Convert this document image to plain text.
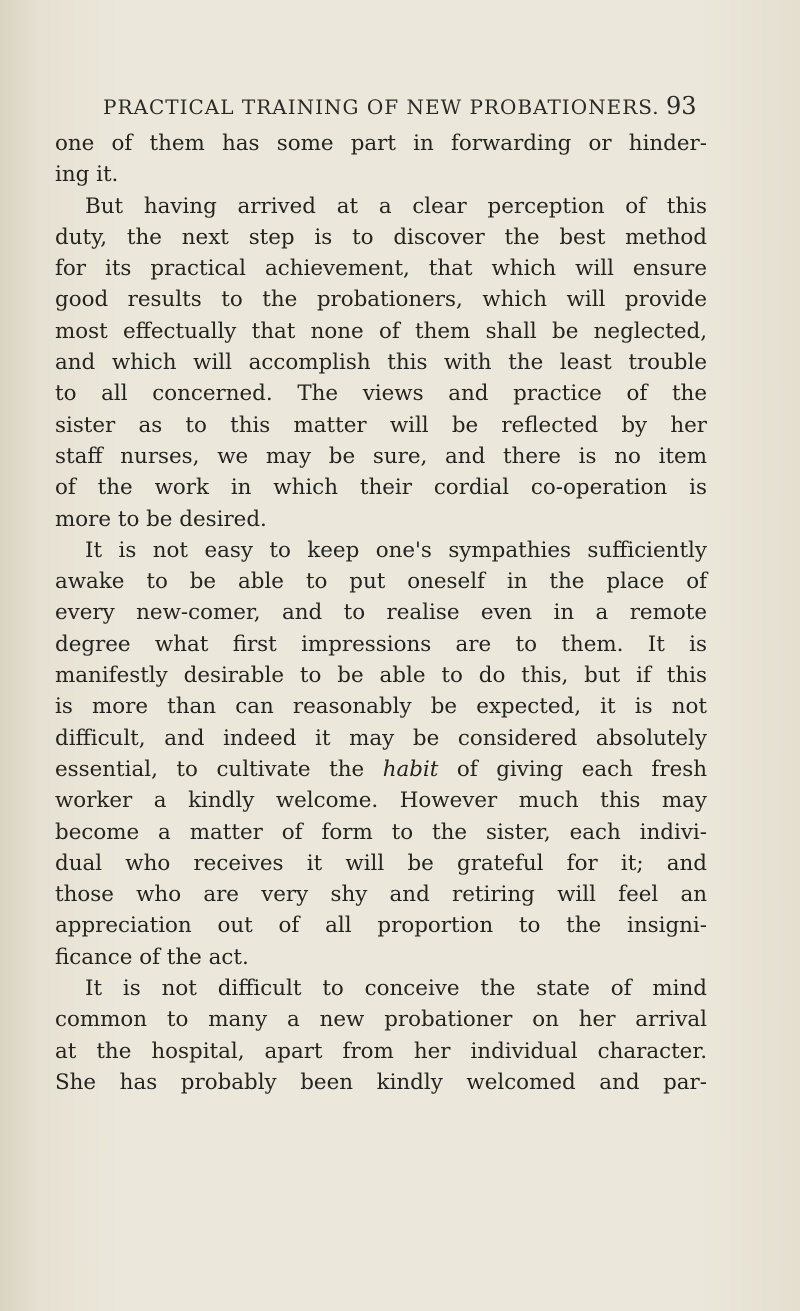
PRACTICAL TRAINING OF NEW PROBATIONERS. 93
one of them has some part in forwarding or hinder-
ing it.
But having arrived at a clear perception of this
duty, the next step is to discover the best method
for its practical achievement, that which will ensure
good results to the probationers, which will provide
most effectually that none of them shall be neglected,
and which will accomplish this with the least trouble
to all concerned. The views and practice of the
sister as to this matter will be reflected by her
staff nurses, we may be sure, and there is no item
of the work in which their cordial co-operation is
more to be desired.
It is not easy to keep one's sympathies sufficiently
awake to be able to put oneself in the place of
every new-comer, and to realise even in a remote
degree what first impressions are to them. It is
manifestly desirable to be able to do this, but if this
is more than can reasonably be expected, it is not
difficult, and indeed it may be considered absolutely
essential, to cultivate the habit of giving each fresh
worker a kindly welcome. However much this may
become a matter of form to the sister, each indivi-
dual who receives it will be grateful for it; and
those who are very shy and retiring will feel an
appreciation out of all proportion to the insigni-
ficance of the act.
It is not difficult to conceive the state of mind
common to many a new probationer on her arrival
at the hospital, apart from her individual character.
She has probably been kindly welcomed and par-
